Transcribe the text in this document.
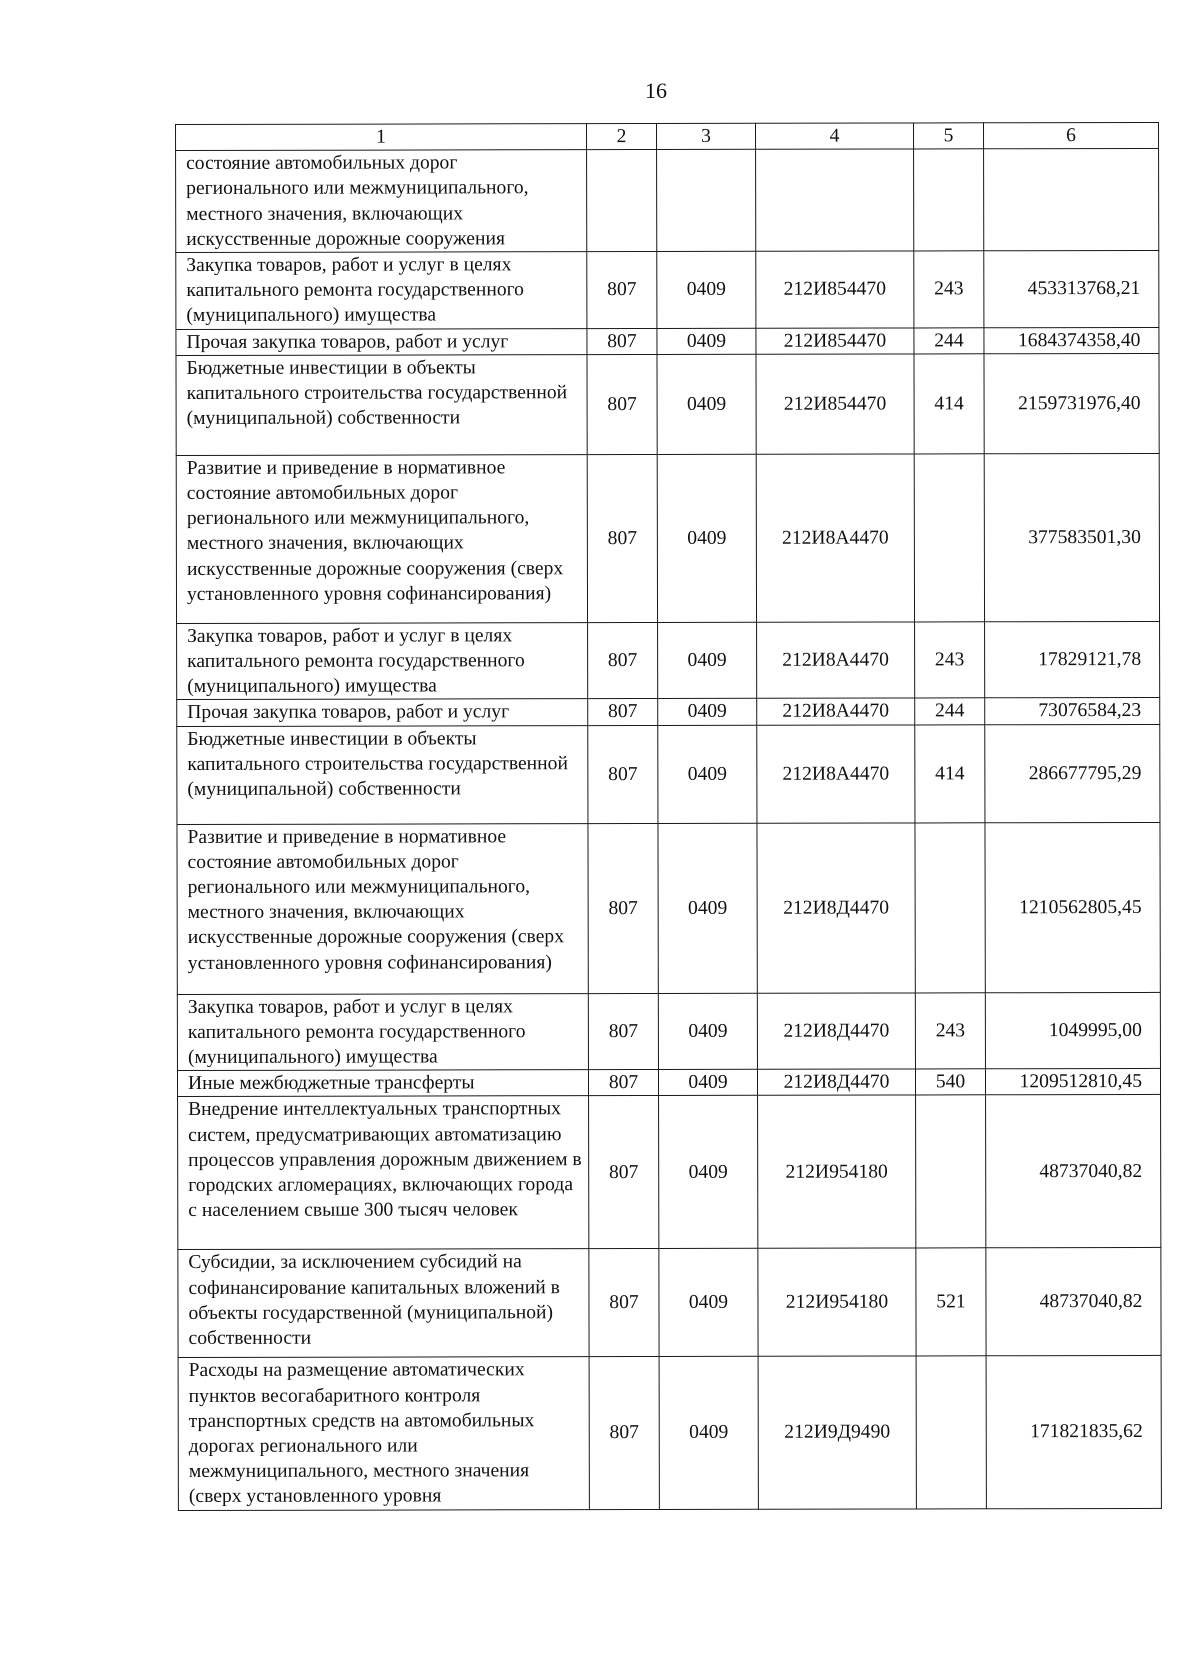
16
1	2	3	4	5	6
состояние автомобильных дорог регионального или межмуниципального, местного значения, включающих искусственные дорожные сооружения					
Закупка товаров, работ и услуг в целях капитального ремонта государственного (муниципального) имущества	807	0409	212И854470	243	453313768,21
Прочая закупка товаров, работ и услуг	807	0409	212И854470	244	1684374358,40
Бюджетные инвестиции в объекты капитального строительства государственной (муниципальной) собственности	807	0409	212И854470	414	2159731976,40
Развитие и приведение в нормативное состояние автомобильных дорог регионального или межмуниципального, местного значения, включающих искусственные дорожные сооружения (сверх установленного уровня софинансирования)	807	0409	212И8А4470		377583501,30
Закупка товаров, работ и услуг в целях капитального ремонта государственного (муниципального) имущества	807	0409	212И8А4470	243	17829121,78
Прочая закупка товаров, работ и услуг	807	0409	212И8А4470	244	73076584,23
Бюджетные инвестиции в объекты капитального строительства государственной (муниципальной) собственности	807	0409	212И8А4470	414	286677795,29
Развитие и приведение в нормативное состояние автомобильных дорог регионального или межмуниципального, местного значения, включающих искусственные дорожные сооружения (сверх установленного уровня софинансирования)	807	0409	212И8Д4470		1210562805,45
Закупка товаров, работ и услуг в целях капитального ремонта государственного (муниципального) имущества	807	0409	212И8Д4470	243	1049995,00
Иные межбюджетные трансферты	807	0409	212И8Д4470	540	1209512810,45
Внедрение интеллектуальных транспортных систем, предусматривающих автоматизацию процессов управления дорожным движением в городских агломерациях, включающих города с населением свыше 300 тысяч человек	807	0409	212И954180		48737040,82
Субсидии, за исключением субсидий на софинансирование капитальных вложений в объекты государственной (муниципальной) собственности	807	0409	212И954180	521	48737040,82
Расходы на размещение автоматических пунктов весогабаритного контроля транспортных средств на автомобильных дорогах регионального или межмуниципального, местного значения (сверх установленного уровня	807	0409	212И9Д9490		171821835,62
